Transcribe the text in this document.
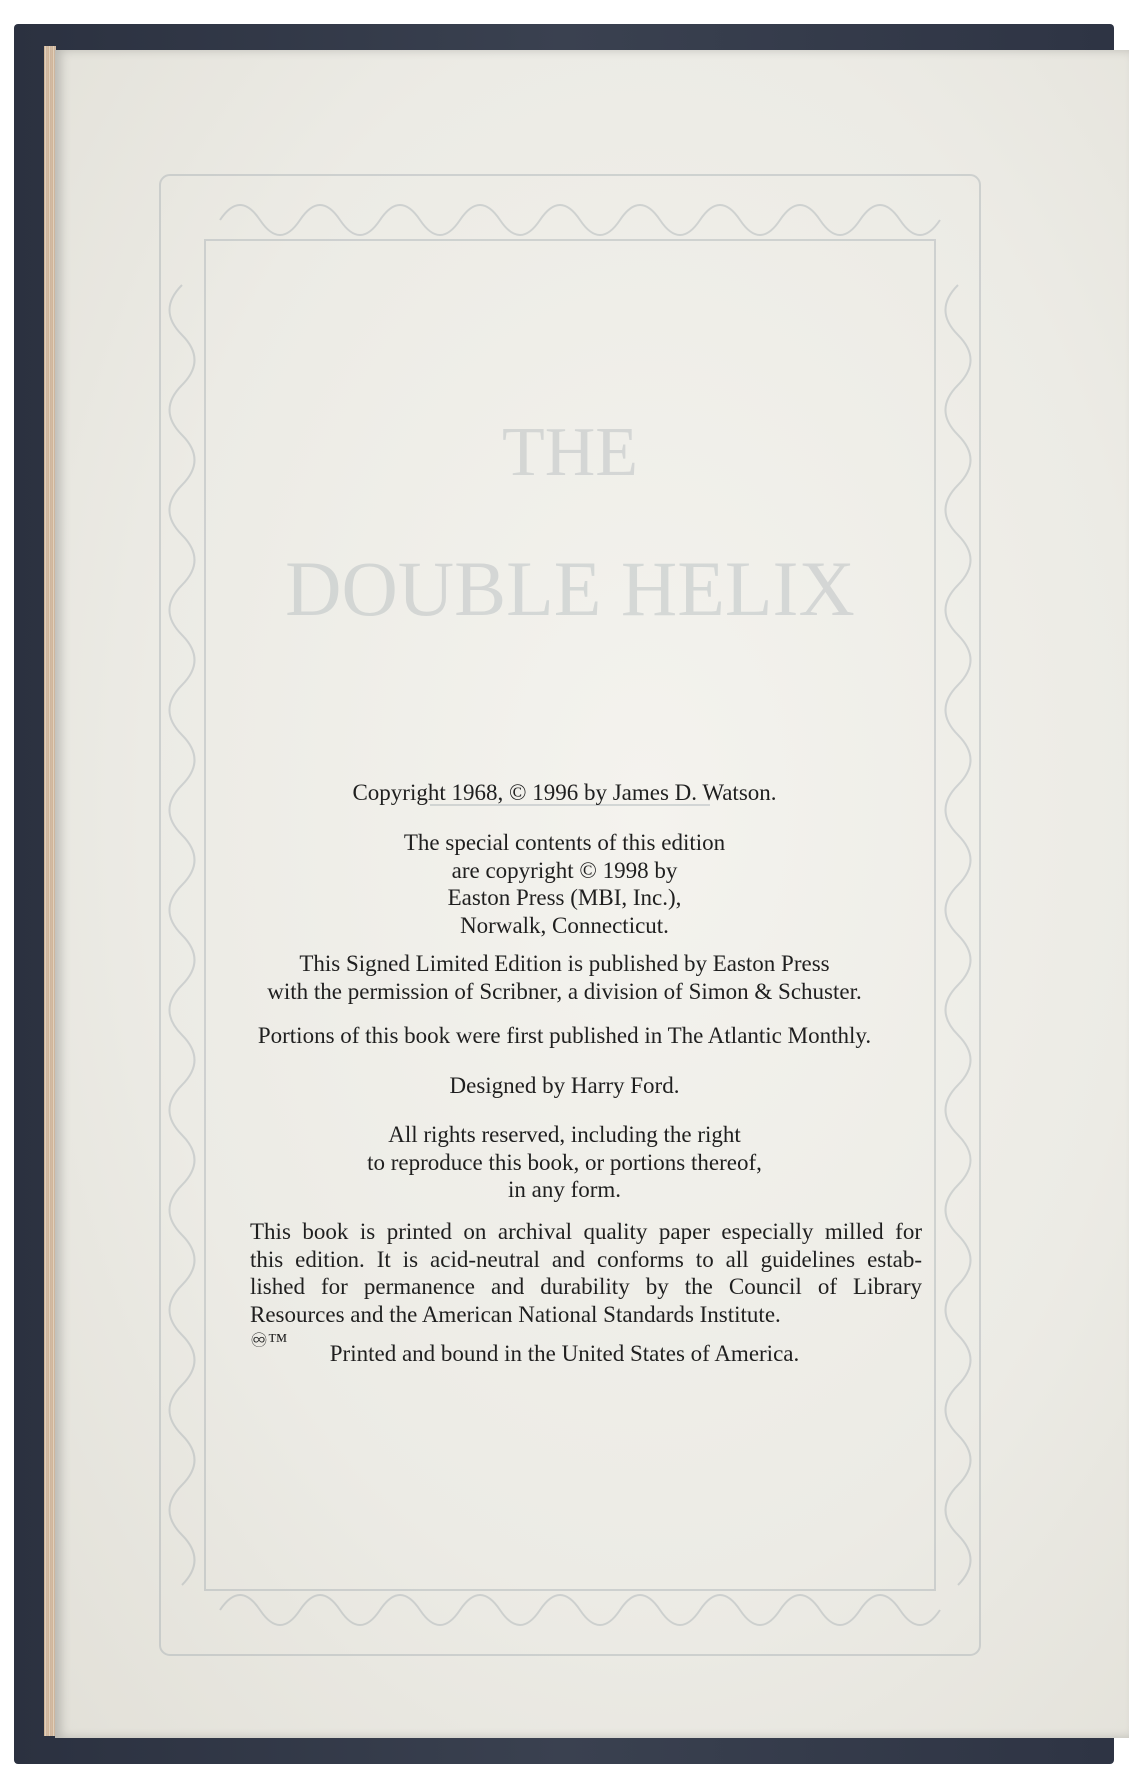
THE
DOUBLE HELIX
Copyright 1968, © 1996 by James D. Watson.
The special contents of this edition
are copyright © 1998 by
Easton Press (MBI, Inc.),
Norwalk, Connecticut.
This Signed Limited Edition is published by Easton Press
with the permission of Scribner, a division of Simon & Schuster.
Portions of this book were first published in The Atlantic Monthly.
Designed by Harry Ford.
All rights reserved, including the right
to reproduce this book, or portions thereof,
in any form.
This book is printed on archival quality paper especially milled for
this edition. It is acid-neutral and conforms to all guidelines estab-
lished for permanence and durability by the Council of Library
Resources and the American National Standards Institute.
♾™	Printed and bound in the United States of America.
